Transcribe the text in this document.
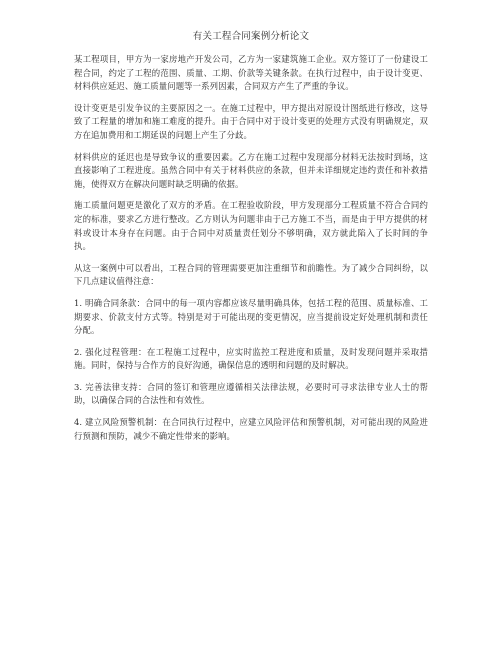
有关工程合同案例分析论文

某工程项目，甲方为一家房地产开发公司，乙方为一家建筑施工企业。双方签订了一份建设工程合同，约定了工程的范围、质量、工期、价款等关键条款。在执行过程中，由于设计变更、材料供应延迟、施工质量问题等一系列因素，合同双方产生了严重的争议。

设计变更是引发争议的主要原因之一。在施工过程中，甲方提出对原设计图纸进行修改，这导致了工程量的增加和施工难度的提升。由于合同中对于设计变更的处理方式没有明确规定，双方在追加费用和工期延误的问题上产生了分歧。

材料供应的延迟也是导致争议的重要因素。乙方在施工过程中发现部分材料无法按时到场，这直接影响了工程进度。虽然合同中有关于材料供应的条款，但并未详细规定违约责任和补救措施，使得双方在解决问题时缺乏明确的依据。

施工质量问题更是激化了双方的矛盾。在工程验收阶段，甲方发现部分工程质量不符合合同约定的标准，要求乙方进行整改。乙方则认为问题非由于己方施工不当，而是由于甲方提供的材料或设计本身存在问题。由于合同中对质量责任划分不够明确，双方就此陷入了长时间的争执。

从这一案例中可以看出，工程合同的管理需要更加注重细节和前瞻性。为了减少合同纠纷，以下几点建议值得注意：

1. 明确合同条款：合同中的每一项内容都应该尽量明确具体，包括工程的范围、质量标准、工期要求、价款支付方式等。特别是对于可能出现的变更情况，应当提前设定好处理机制和责任分配。

2. 强化过程管理：在工程施工过程中，应实时监控工程进度和质量，及时发现问题并采取措施。同时，保持与合作方的良好沟通，确保信息的透明和问题的及时解决。

3. 完善法律支持：合同的签订和管理应遵循相关法律法规，必要时可寻求法律专业人士的帮助，以确保合同的合法性和有效性。

4. 建立风险预警机制：在合同执行过程中，应建立风险评估和预警机制，对可能出现的风险进行预测和预防，减少不确定性带来的影响。
